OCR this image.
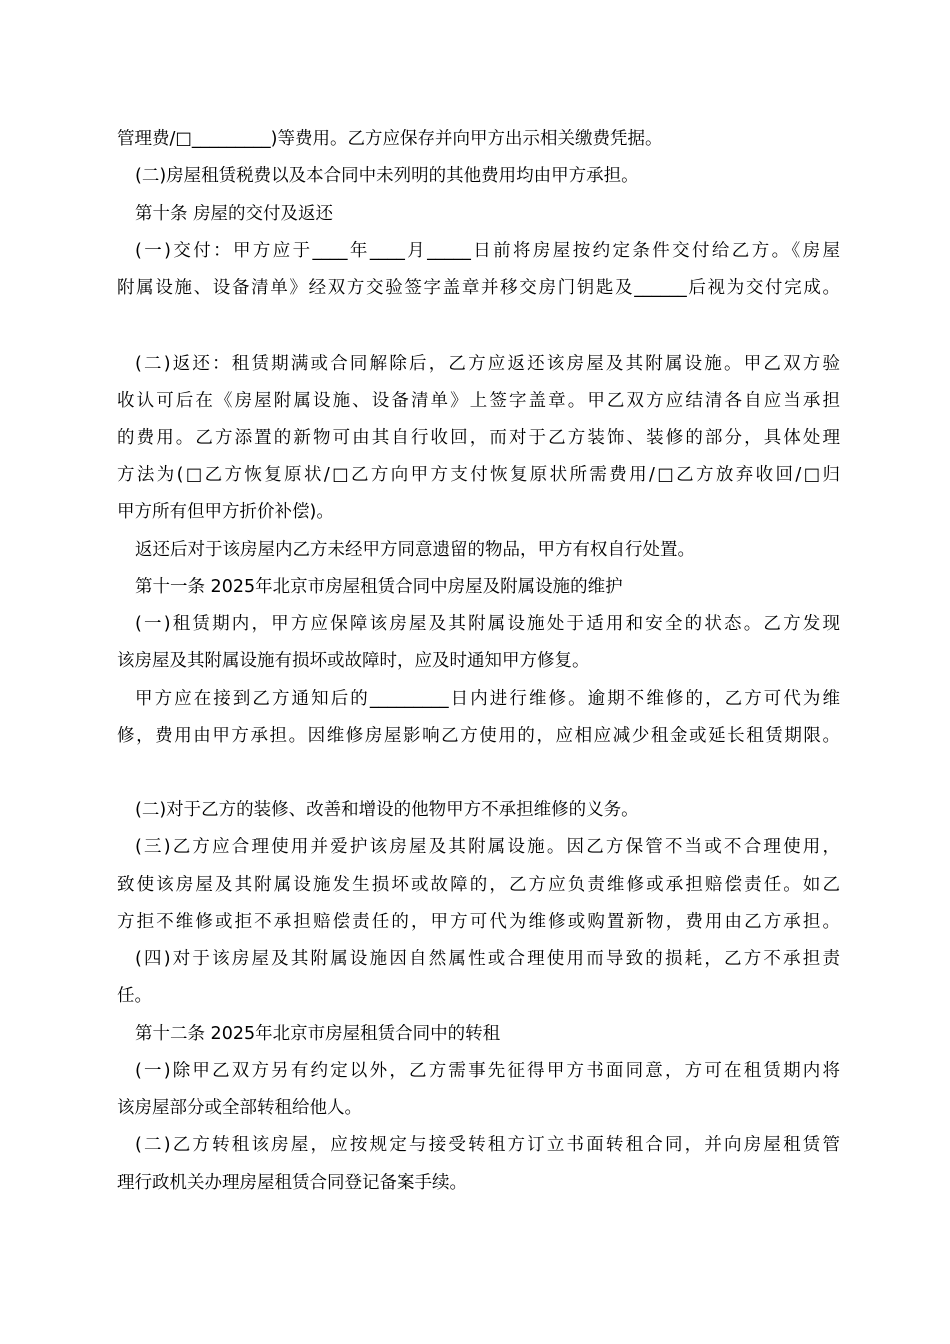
管理费/□_________)等费用。乙方应保存并向甲方出示相关缴费凭据。
(二)房屋租赁税费以及本合同中未列明的其他费用均由甲方承担。
第十条 房屋的交付及返还
(一)交付：甲方应于____年____月_____日前将房屋按约定条件交付给乙方。《房屋
附属设施、设备清单》经双方交验签字盖章并移交房门钥匙及______后视为交付完成。
(二)返还：租赁期满或合同解除后，乙方应返还该房屋及其附属设施。甲乙双方验
收认可后在《房屋附属设施、设备清单》上签字盖章。甲乙双方应结清各自应当承担
的费用。乙方添置的新物可由其自行收回，而对于乙方装饰、装修的部分，具体处理
方法为(□乙方恢复原状/□乙方向甲方支付恢复原状所需费用/□乙方放弃收回/□归
甲方所有但甲方折价补偿)。
返还后对于该房屋内乙方未经甲方同意遗留的物品，甲方有权自行处置。
第十一条 2025年北京市房屋租赁合同中房屋及附属设施的维护
(一)租赁期内，甲方应保障该房屋及其附属设施处于适用和安全的状态。乙方发现
该房屋及其附属设施有损坏或故障时，应及时通知甲方修复。
甲方应在接到乙方通知后的_________日内进行维修。逾期不维修的，乙方可代为维
修，费用由甲方承担。因维修房屋影响乙方使用的，应相应减少租金或延长租赁期限。
(二)对于乙方的装修、改善和增设的他物甲方不承担维修的义务。
(三)乙方应合理使用并爱护该房屋及其附属设施。因乙方保管不当或不合理使用，
致使该房屋及其附属设施发生损坏或故障的，乙方应负责维修或承担赔偿责任。如乙
方拒不维修或拒不承担赔偿责任的，甲方可代为维修或购置新物，费用由乙方承担。
(四)对于该房屋及其附属设施因自然属性或合理使用而导致的损耗，乙方不承担责
任。
第十二条 2025年北京市房屋租赁合同中的转租
(一)除甲乙双方另有约定以外，乙方需事先征得甲方书面同意，方可在租赁期内将
该房屋部分或全部转租给他人。
(二)乙方转租该房屋，应按规定与接受转租方订立书面转租合同，并向房屋租赁管
理行政机关办理房屋租赁合同登记备案手续。
